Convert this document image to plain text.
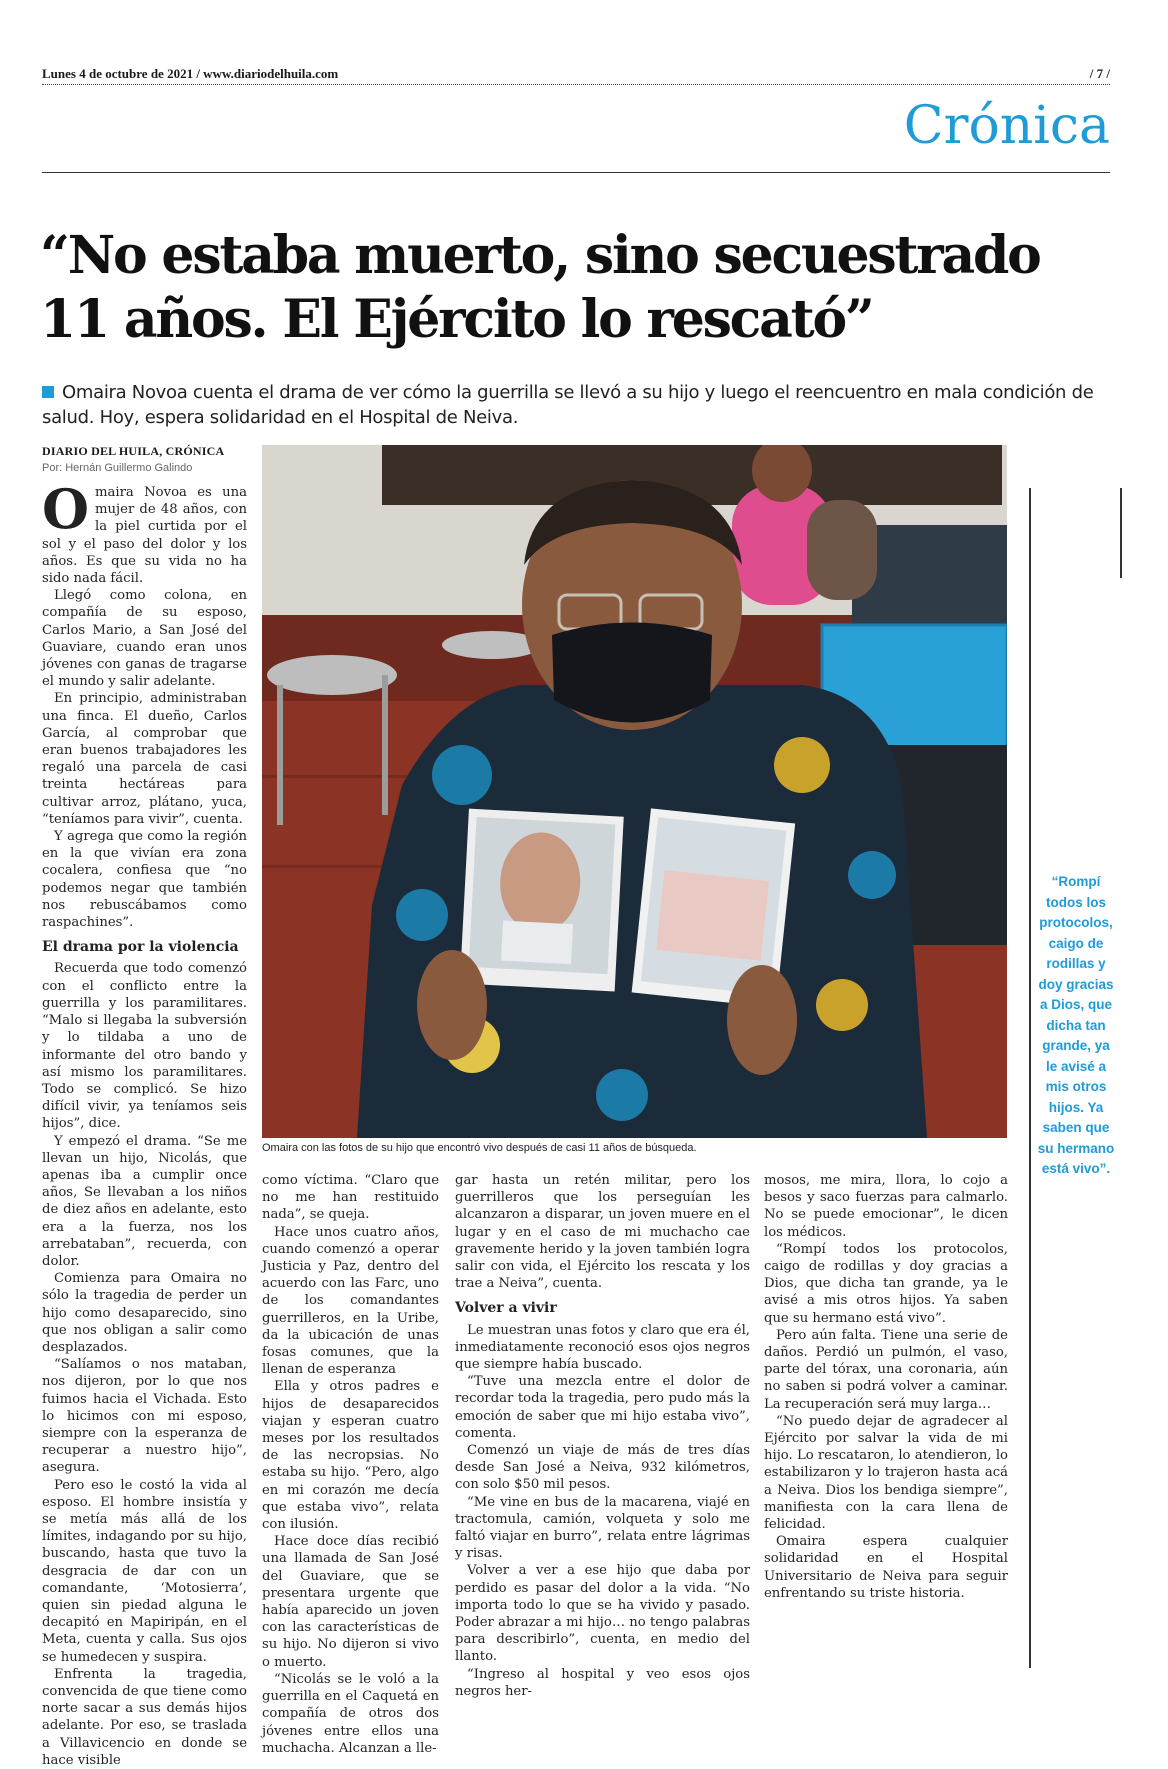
Lunes 4 de octubre de 2021 / www.diariodelhuila.com	/ 7 /
Crónica
“No estaba muerto, sino secuestrado
11 años. El Ejército lo rescató”
Omaira Novoa cuenta el drama de ver cómo la guerrilla se llevó a su hijo y luego el reencuentro en mala condición de salud. Hoy, espera solidaridad en el Hospital de Neiva.
DIARIO DEL HUILA, CRÓNICA
Por: Hernán Guillermo Galindo

Omaira Novoa es una mujer de 48 años, con la piel curtida por el sol y el paso del dolor y los años. Es que su vida no ha sido nada fácil.

Llegó como colona, en compañía de su esposo, Carlos Mario, a San José del Guaviare, cuando eran unos jóvenes con ganas de tragarse el mundo y salir adelante.

En principio, administraban una finca. El dueño, Carlos García, al comprobar que eran buenos trabajadores les regaló una parcela de casi treinta hectáreas para cultivar arroz, plátano, yuca, “teníamos para vivir”, cuenta.

Y agrega que como la región en la que vivían era zona cocalera, confiesa que “no podemos negar que también nos rebuscábamos como raspachines”.

El drama por la violencia

Recuerda que todo comenzó con el conflicto entre la guerrilla y los paramilitares. “Malo si llegaba la subversión y lo tildaba a uno de informante del otro bando y así mismo los paramilitares. Todo se complicó. Se hizo difícil vivir, ya teníamos seis hijos”, dice.

Y empezó el drama. “Se me llevan un hijo, Nicolás, que apenas iba a cumplir once años, Se llevaban a los niños de diez años en adelante, esto era a la fuerza, nos los arrebataban”, recuerda, con dolor.

Comienza para Omaira no sólo la tragedia de perder un hijo como desaparecido, sino que nos obligan a salir como desplazados.

“Salíamos o nos mataban, nos dijeron, por lo que nos fuimos hacia el Vichada. Esto lo hicimos con mi esposo, siempre con la esperanza de recuperar a nuestro hijo”, asegura.

Pero eso le costó la vida al esposo. El hombre insistía y se metía más allá de los límites, indagando por su hijo, buscando, hasta que tuvo la desgracia de dar con un comandante, ‘Motosierra’, quien sin piedad alguna le decapitó en Mapiripán, en el Meta, cuenta y calla. Sus ojos se humedecen y suspira.

Enfrenta la tragedia, convencida de que tiene como norte sacar a sus demás hijos adelante. Por eso, se traslada a Villavicencio en donde se hace visible

Omaira con las fotos de su hijo que encontró vivo después de casi 11 años de búsqueda.

como víctima. “Claro que no me han restituido nada”, se queja.

Hace unos cuatro años, cuando comenzó a operar Justicia y Paz, dentro del acuerdo con las Farc, uno de los comandantes guerrilleros, en la Uribe, da la ubicación de unas fosas comunes, que la llenan de esperanza

Ella y otros padres e hijos de desaparecidos viajan y esperan cuatro meses por los resultados de las necropsias. No estaba su hijo. “Pero, algo en mi corazón me decía que estaba vivo”, relata con ilusión.

Hace doce días recibió una llamada de San José del Guaviare, que se presentara urgente que había aparecido un joven con las características de su hijo. No dijeron si vivo o muerto.

“Nicolás se le voló a la guerrilla en el Caquetá en compañía de otros dos jóvenes entre ellos una muchacha. Alcanzan a lle-

gar hasta un retén militar, pero los guerrilleros que los perseguían les alcanzaron a disparar, un joven muere en el lugar y en el caso de mi muchacho cae gravemente herido y la joven también logra salir con vida, el Ejército los rescata y los trae a Neiva”, cuenta.

Volver a vivir

Le muestran unas fotos y claro que era él, inmediatamente reconoció esos ojos negros que siempre había buscado.

“Tuve una mezcla entre el dolor de recordar toda la tragedia, pero pudo más la emoción de saber que mi hijo estaba vivo”, comenta.

Comenzó un viaje de más de tres días desde San José a Neiva, 932 kilómetros, con solo $50 mil pesos.

“Me vine en bus de la macarena, viajé en tractomula, camión, volqueta y solo me faltó viajar en burro”, relata entre lágrimas y risas.

Volver a ver a ese hijo que daba por perdido es pasar del dolor a la vida. “No importa todo lo que se ha vivido y pasado. Poder abrazar a mi hijo… no tengo palabras para describirlo”, cuenta, en medio del llanto.

“Ingreso al hospital y veo esos ojos negros her-

mosos, me mira, llora, lo cojo a besos y saco fuerzas para calmarlo. No se puede emocionar”, le dicen los médicos.

“Rompí todos los protocolos, caigo de rodillas y doy gracias a Dios, que dicha tan grande, ya le avisé a mis otros hijos. Ya saben que su hermano está vivo”.

Pero aún falta. Tiene una serie de daños. Perdió un pulmón, el vaso, parte del tórax, una coronaria, aún no saben si podrá volver a caminar. La recuperación será muy larga…

“No puedo dejar de agradecer al Ejército por salvar la vida de mi hijo. Lo rescataron, lo atendieron, lo estabilizaron y lo trajeron hasta acá a Neiva. Dios los bendiga siempre”, manifiesta con la cara llena de felicidad.

Omaira espera cualquier solidaridad en el Hospital Universitario de Neiva para seguir enfrentando su triste historia.

“Rompí todos los protocolos, caigo de rodillas y doy gracias a Dios, que dicha tan grande, ya le avisé a mis otros hijos. Ya saben que su hermano está vivo”.
